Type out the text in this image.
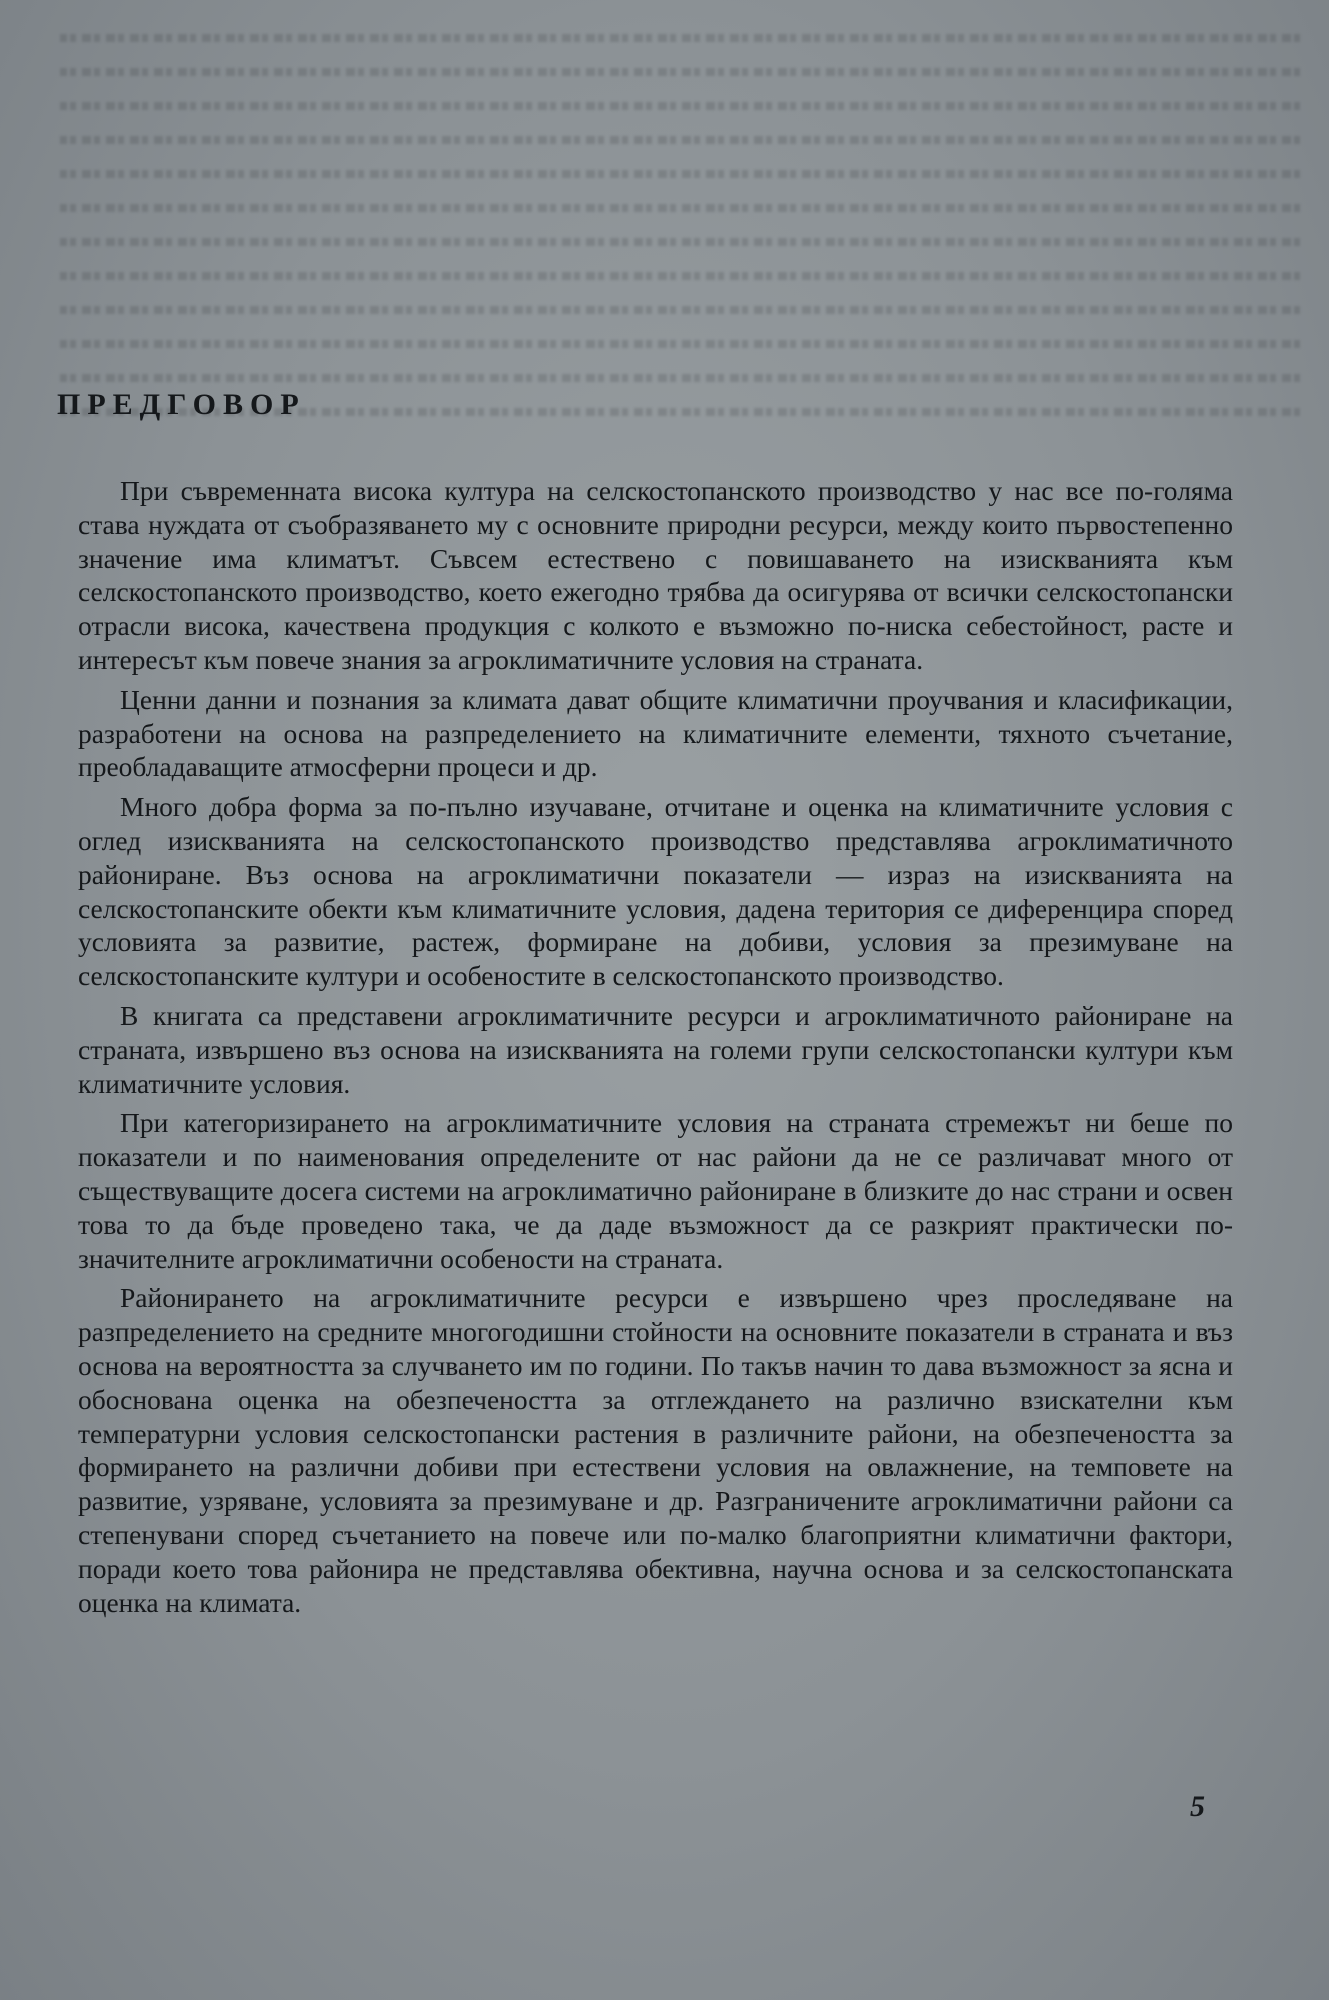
ПРЕДГОВОР

При съвременната висока култура на селскостопанското производство у нас все по-голяма става нуждата от съобразяването му с основните природни ресурси, между които първостепенно значение има климатът. Съвсем естествено с повишаването на изискванията към селскостопанското производство, което ежегодно трябва да осигурява от всички селскостопански отрасли висока, качествена продукция с колкото е възможно по-ниска себестойност, расте и интересът към повече знания за агроклиматичните условия на страната.

Ценни данни и познания за климата дават общите климатични проучвания и класификации, разработени на основа на разпределението на климатичните елементи, тяхното съчетание, преобладаващите атмосферни процеси и др.

Много добра форма за по-пълно изучаване, отчитане и оценка на климатичните условия с оглед изискванията на селскостопанското производство представлява агроклиматичното райониране. Въз основа на агроклиматични показатели — израз на изискванията на селскостопанските обекти към климатичните условия, дадена територия се диференцира според условията за развитие, растеж, формиране на добиви, условия за презимуване на селскостопанските култури и особеностите в селскостопанското производство.

В книгата са представени агроклиматичните ресурси и агроклиматичното райониране на страната, извършено въз основа на изискванията на големи групи селскостопански култури към климатичните условия.

При категоризирането на агроклиматичните условия на страната стремежът ни беше по показатели и по наименования определените от нас райони да не се различават много от съществуващите досега системи на агроклиматично райониране в близките до нас страни и освен това то да бъде проведено така, че да даде възможност да се разкрият практически по-значителните агроклиматични особености на страната.

Районирането на агроклиматичните ресурси е извършено чрез проследяване на разпределението на средните многогодишни стойности на основните показатели в страната и въз основа на вероятността за случването им по години. По такъв начин то дава възможност за ясна и обоснована оценка на обезпечеността за отглеждането на различно взискателни към температурни условия селскостопански растения в различните райони, на обезпечеността за формирането на различни добиви при естествени условия на овлажнение, на темповете на развитие, узряване, условията за презимуване и др. Разграничените агроклиматични райони са степенувани според съчетанието на повече или по-малко благоприятни климатични фактори, поради което това районира не представлява обективна, научна основа и за селскостопанската оценка на климата.

5
